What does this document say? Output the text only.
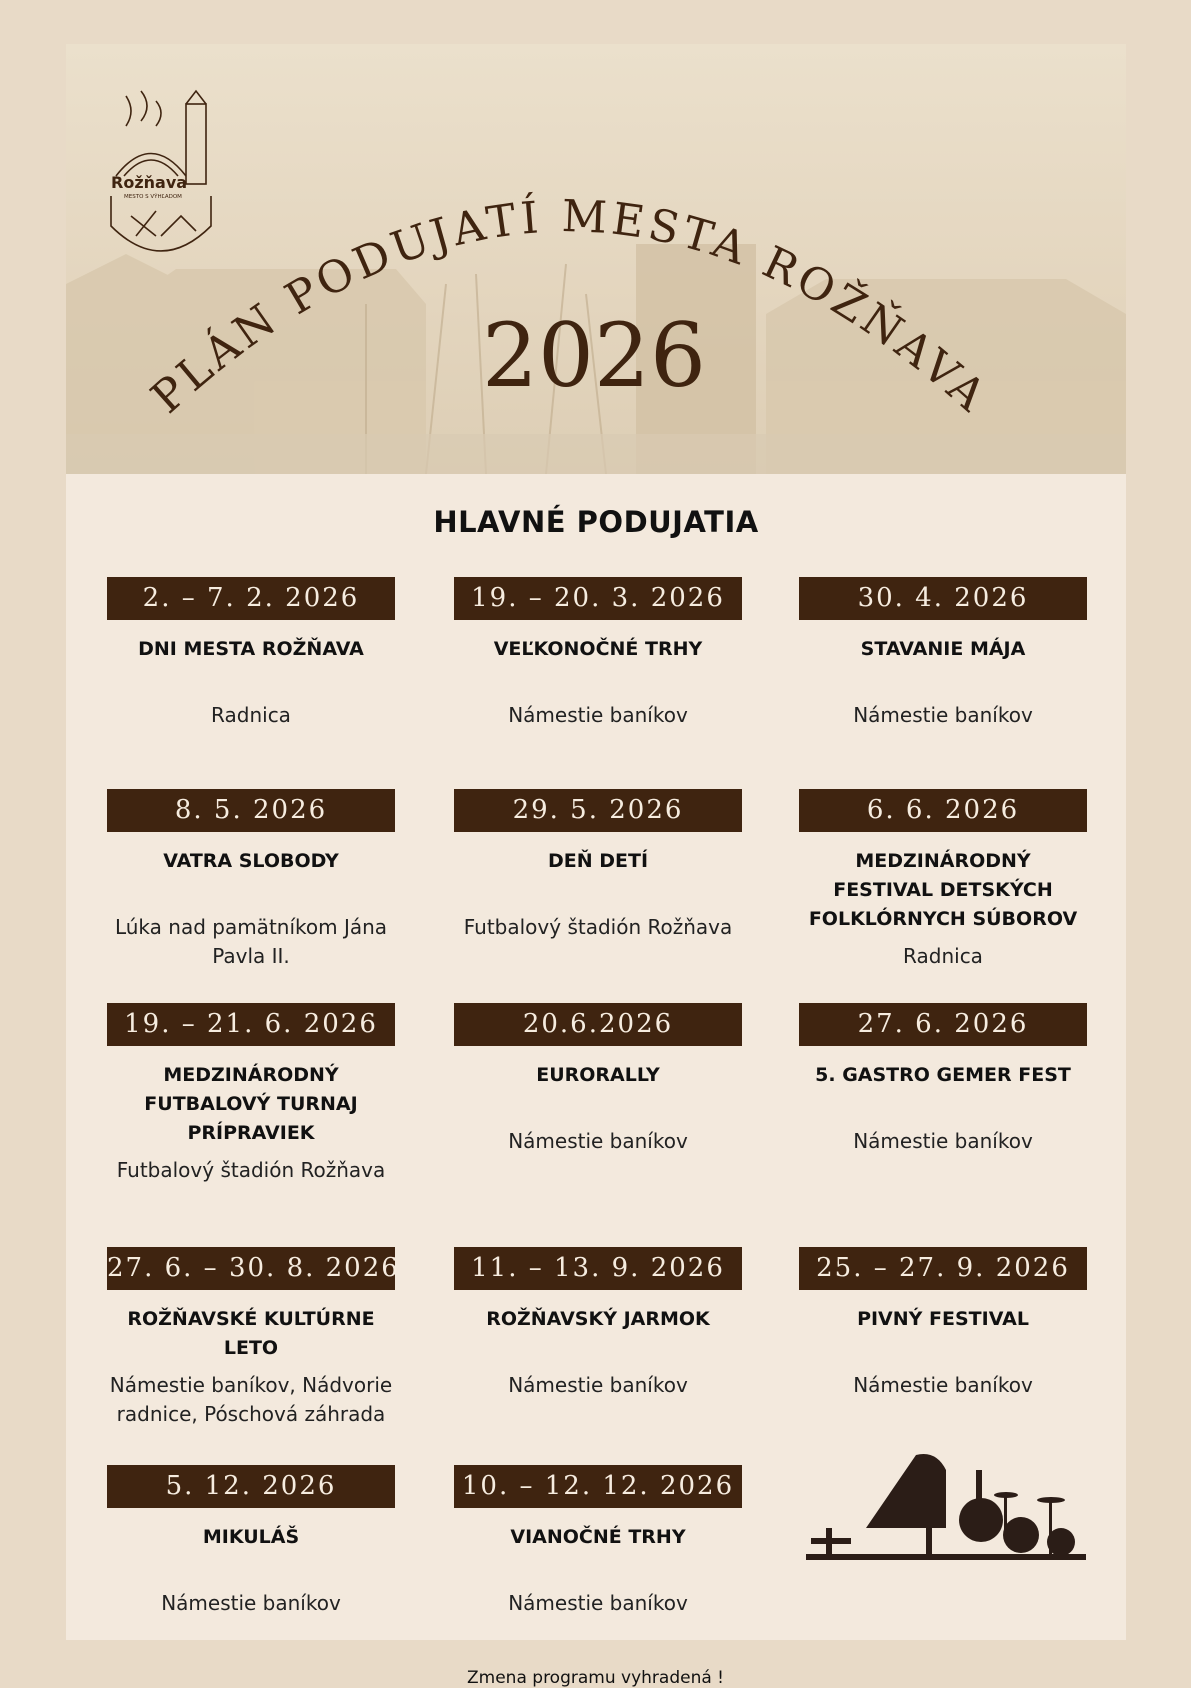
PLÁN PODUJATÍ MESTA ROŽŇAVA
2026
Rožňava
MESTO S VÝHĽADOM
HLAVNÉ PODUJATIA
2. – 7. 2. 2026
DNI MESTA ROŽŇAVA
Radnica
19. – 20. 3. 2026
VEĽKONOČNÉ TRHY
Námestie baníkov
30. 4. 2026
STAVANIE MÁJA
Námestie baníkov
8. 5. 2026
VATRA SLOBODY
Lúka nad pamätníkom Jána Pavla II.
29. 5. 2026
DEŇ DETÍ
Futbalový štadión Rožňava
6. 6. 2026
MEDZINÁRODNÝ FESTIVAL DETSKÝCH FOLKLÓRNYCH SÚBOROV
Radnica
19. – 21. 6. 2026
MEDZINÁRODNÝ FUTBALOVÝ TURNAJ PRÍPRAVIEK
Futbalový štadión Rožňava
20.6.2026
EURORALLY
Námestie baníkov
27. 6. 2026
5. GASTRO GEMER FEST
Námestie baníkov
27. 6. – 30. 8. 2026
ROŽŇAVSKÉ KULTÚRNE LETO
Námestie baníkov, Nádvorie radnice, Póschová záhrada
11. – 13. 9. 2026
ROŽŇAVSKÝ JARMOK
Námestie baníkov
25. – 27. 9. 2026
PIVNÝ FESTIVAL
Námestie baníkov
5. 12. 2026
MIKULÁŠ
Námestie baníkov
10. – 12. 12. 2026
VIANOČNÉ TRHY
Námestie baníkov
Zmena programu vyhradená !
